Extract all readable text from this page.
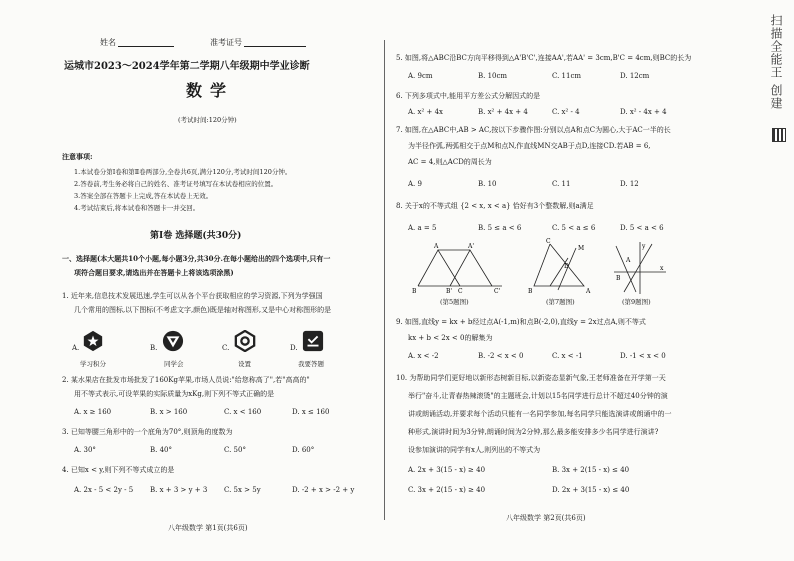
姓名	准考证号
运城市2023～2024学年第二学期八年级期中学业诊断
数学
(考试时间:120分钟)
注意事项:
1.本试卷分第Ⅰ卷和第Ⅱ卷两部分,全卷共6页,满分120分,考试时间120分钟。
2.答卷前,考生务必将自己的姓名、准考证号填写在本试卷相应的位置。
3.答案全部在答题卡上完成,答在本试卷上无效。
4.考试结束后,将本试卷和答题卡一并交回。
第Ⅰ卷 选择题(共30分)
一、选择题(本大题共10个小题,每小题3分,共30分.在每小题给出的四个选项中,只有一
项符合题目要求,请选出并在答题卡上将该选项涂黑)
1. 近年来,信息技术发展迅速,学生可以从各个平台获取相应的学习资源,下列为学强国
几个常用的图标,以下图标(不考虑文字,颜色)既是轴对称图形,又是中心对称图形的是
A.
学习积分
B.
同学会
C.
设置
D.
我要答题
2. 某水果店在批发市场批发了160Kg苹果,市场人员说:"给您称高了",若"高高的"
用不等式表示,可设苹果的实际质量为xKg,则下列不等式正确的是
A. x ≥ 160	B. x > 160	C. x < 160	D. x ≤ 160
3. 已知等腰三角形中的一个底角为70°,则顶角的度数为
A. 30°	B. 40°	C. 50°	D. 60°
4. 已知x < y,则下列不等式成立的是
A. 2x - 5 < 2y - 5 B. x + 3 > y + 3 C. 5x > 5y	D. -2 + x > -2 + y
八年级数学 第1页(共6页)
5. 如图,将△ABC沿BC方向平移得到△A'B'C',连接AA',若AA' = 3cm,B'C = 4cm,则BC的长为
A. 9cm	B. 10cm	C. 11cm	D. 12cm
6. 下列多项式中,能用平方差公式分解因式的是
A. x² + 4x	B. x² + 4x + 4	C. x² - 4	D. x² - 4x + 4
7. 如图,在△ABC中,AB > AC,按以下步骤作图:分别以点A和点C为圆心,大于AC一半的长
为半径作弧,两弧相交于点M和点N,作直线MN交AB于点D,连接CD.若AB = 6,
AC = 4,则△ACD的周长为
A. 9	B. 10	C. 11	D. 12
8. 关于x的不等式组 {2 < x, x < a} 恰好有3个整数解,则a满足
A. a = 5	B. 5 ≤ a < 6	C. 5 < a ≤ 6	D. 5 < a < 6
A	A'
B	B' C	C'
(第5题图)
C
B	A
M
D
(第7题图)
x
y
B
A
(第9题图)
9. 如图,直线y = kx + b经过点A(-1,m)和点B(-2,0),直线y = 2x过点A,则不等式
kx + b < 2x < 0的解集为
A. x < -2	B. -2 < x < 0	C. x < -1	D. -1 < x < 0
10. 为帮助同学们更好地以新形态树新目标,以新姿态显新气象,王老师准备在开学第一天
举行"奋斗,让青春热辣滚烫"的主题班会,计划以15名同学进行总计不超过40分钟的演
讲或朗诵活动,并要求每个活动只能有一名同学参加,每名同学只能选演讲或朗诵中的一
种形式,演讲时间为3分钟,朗诵时间为2分钟,那么最多能安排多少名同学进行演讲?
设参加演讲的同学有x人,则列出的不等式为
A. 2x + 3(15 - x) ≥ 40	B. 3x + 2(15 - x) ≤ 40
C. 3x + 2(15 - x) ≥ 40	D. 2x + 3(15 - x) ≤ 40
八年级数学 第2页(共6页)
扫描全能王 创建
